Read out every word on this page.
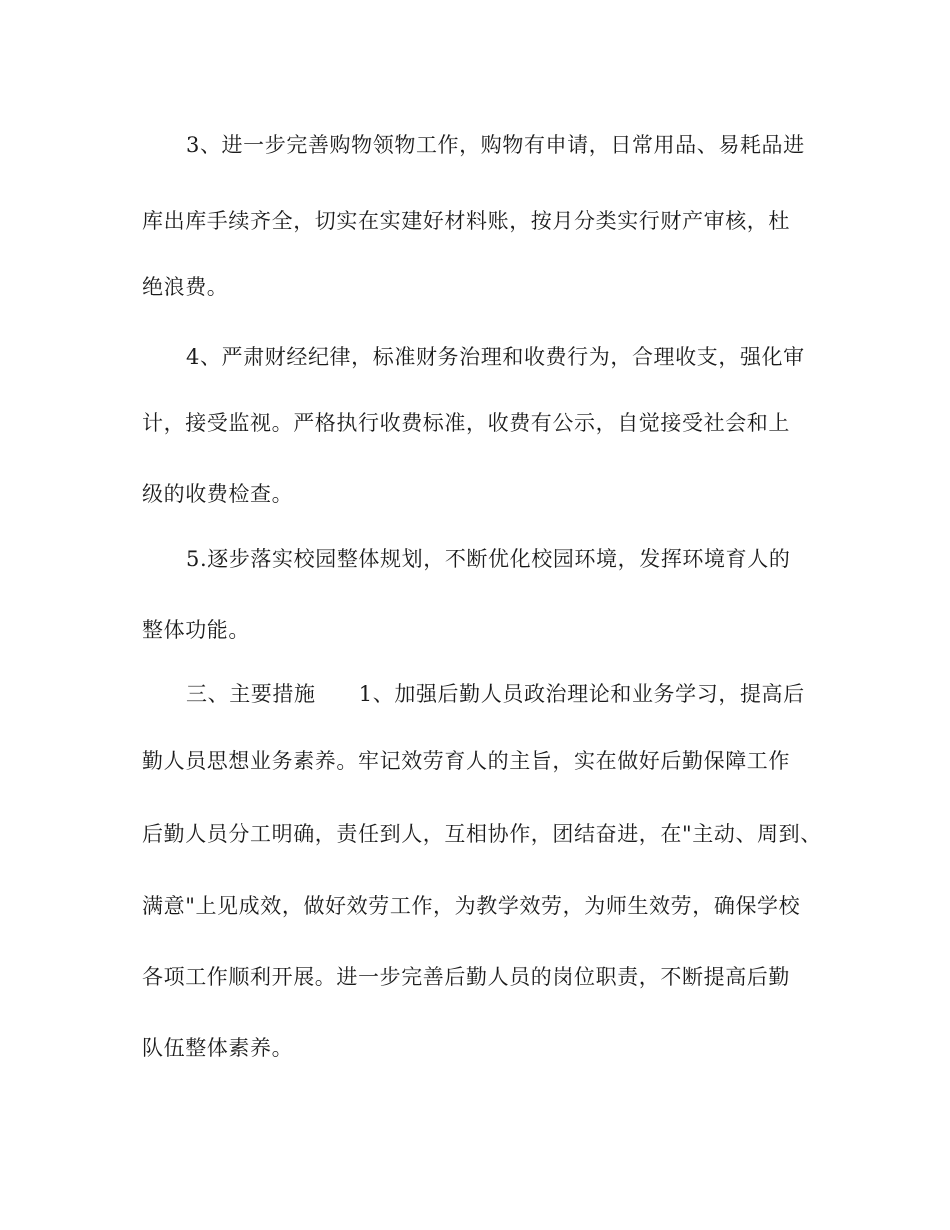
3、进一步完善购物领物工作，购物有申请，日常用品、易耗品进
库出库手续齐全，切实在实建好材料账，按月分类实行财产审核，杜
绝浪费。
4、严肃财经纪律，标准财务治理和收费行为，合理收支，强化审
计，接受监视。严格执行收费标准，收费有公示，自觉接受社会和上
级的收费检查。
5.逐步落实校园整体规划，不断优化校园环境，发挥环境育人的
整体功能。
三、主要措施　　1、加强后勤人员政治理论和业务学习，提高后
勤人员思想业务素养。牢记效劳育人的主旨，实在做好后勤保障工作
后勤人员分工明确，责任到人，互相协作，团结奋进，在"主动、周到、
满意"上见成效，做好效劳工作，为教学效劳，为师生效劳，确保学校
各项工作顺利开展。进一步完善后勤人员的岗位职责，不断提高后勤
队伍整体素养。
